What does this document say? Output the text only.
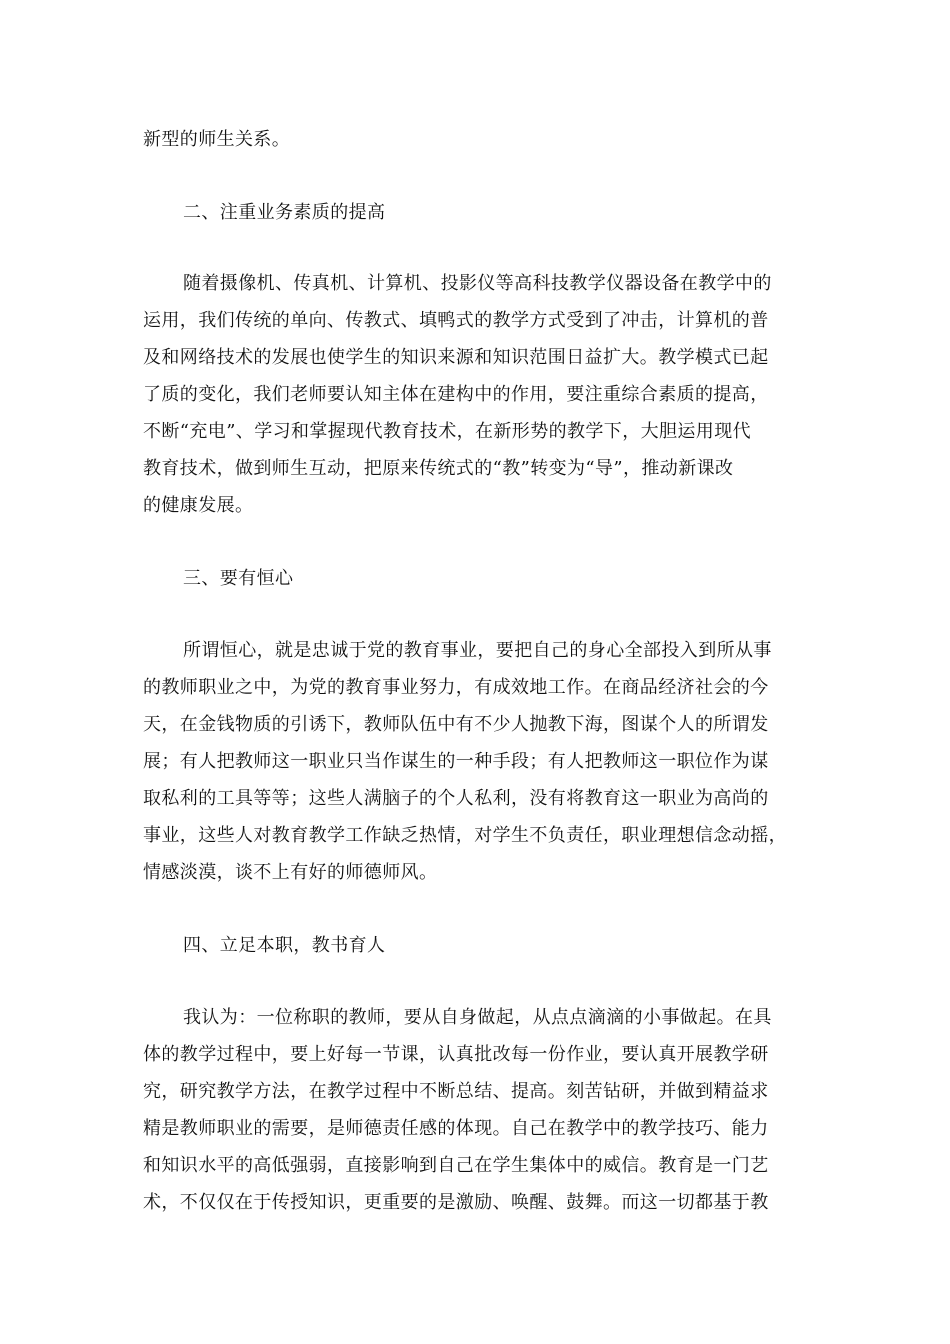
新型的师生关系。
二、注重业务素质的提高
随着摄像机、传真机、计算机、投影仪等高科技教学仪器设备在教学中的
运用，我们传统的单向、传教式、填鸭式的教学方式受到了冲击，计算机的普
及和网络技术的发展也使学生的知识来源和知识范围日益扩大。教学模式已起
了质的变化，我们老师要认知主体在建构中的作用，要注重综合素质的提高，
不断“充电”、学习和掌握现代教育技术，在新形势的教学下，大胆运用现代
教育技术，做到师生互动，把原来传统式的“教”转变为“导”，推动新课改
的健康发展。
三、要有恒心
所谓恒心，就是忠诚于党的教育事业，要把自己的身心全部投入到所从事
的教师职业之中，为党的教育事业努力，有成效地工作。在商品经济社会的今
天，在金钱物质的引诱下，教师队伍中有不少人抛教下海，图谋个人的所谓发
展；有人把教师这一职业只当作谋生的一种手段；有人把教师这一职位作为谋
取私利的工具等等；这些人满脑子的个人私利，没有将教育这一职业为高尚的
事业，这些人对教育教学工作缺乏热情，对学生不负责任，职业理想信念动摇，
情感淡漠，谈不上有好的师德师风。
四、立足本职，教书育人
我认为：一位称职的教师，要从自身做起，从点点滴滴的小事做起。在具
体的教学过程中，要上好每一节课，认真批改每一份作业，要认真开展教学研
究，研究教学方法，在教学过程中不断总结、提高。刻苦钻研，并做到精益求
精是教师职业的需要，是师德责任感的体现。自己在教学中的教学技巧、能力
和知识水平的高低强弱，直接影响到自己在学生集体中的威信。教育是一门艺
术，不仅仅在于传授知识，更重要的是激励、唤醒、鼓舞。而这一切都基于教
